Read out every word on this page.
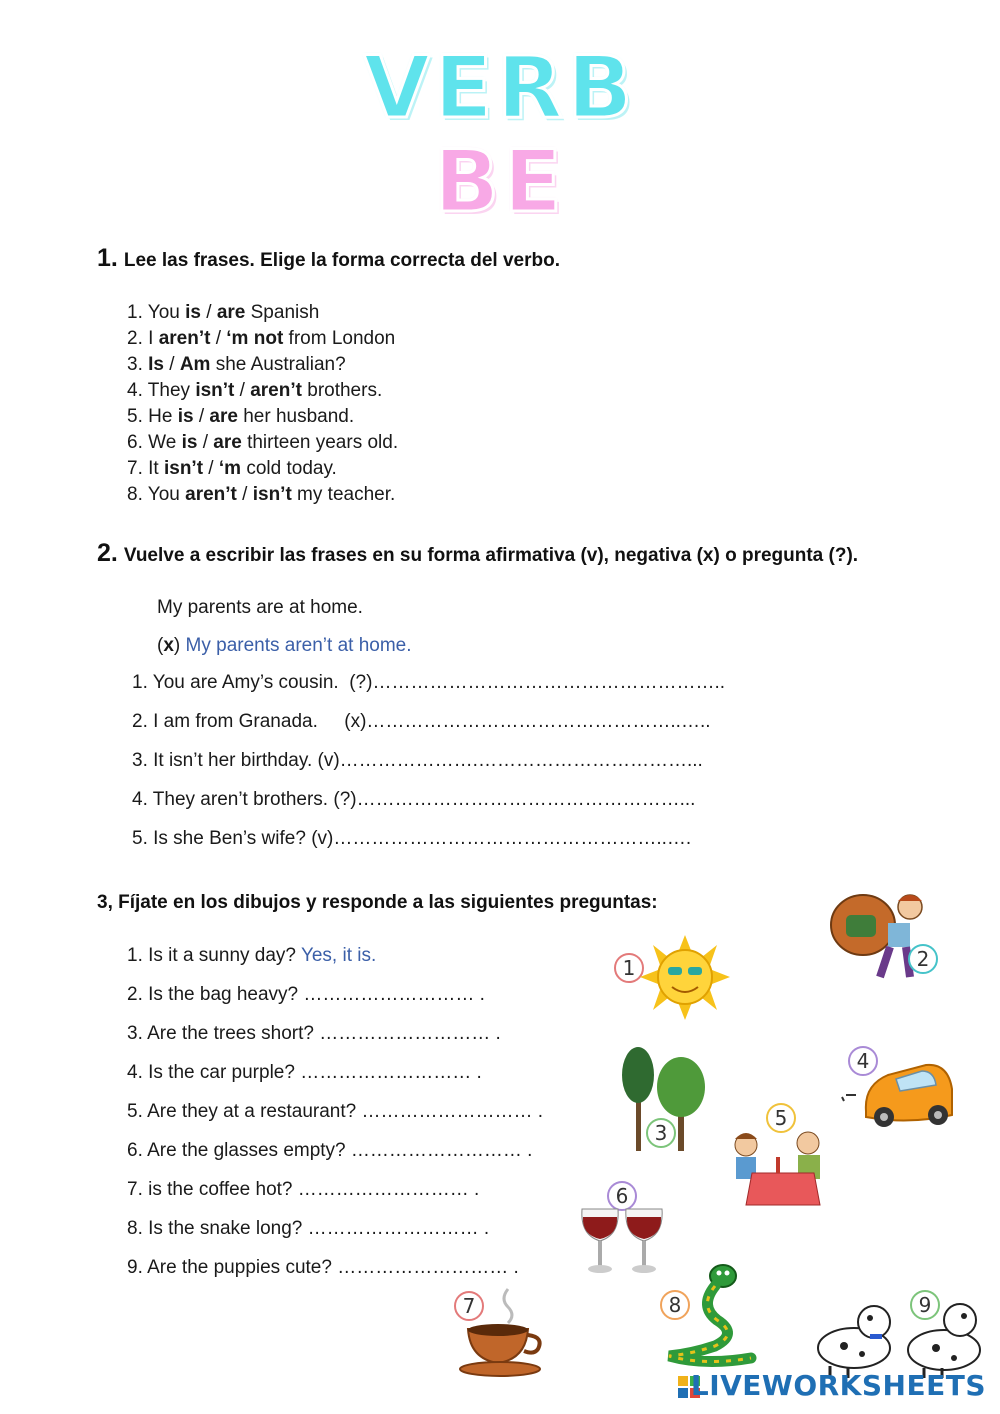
VERB
BE
1. Lee las frases. Elige la forma correcta del verbo.
1. You is / are Spanish
2. I aren’t / ‘m not from London
3. Is / Am she Australian?
4. They isn’t / aren’t brothers.
5. He is / are her husband.
6. We is / are thirteen years old.
7. It isn’t / ‘m cold today.
8. You aren’t / isn’t my teacher.
2. Vuelve a escribir las frases en su forma afirmativa (v), negativa (x) o pregunta (?).
My parents are at home.
(x) My parents aren’t at home.
1. You are Amy’s cousin.  (?)………………………………………………..
2. I am from Granada.     (x)…………………………………………..…..
3. It isn’t her birthday. (v)………………….……………………………...
4. They aren’t brothers. (?)……………………………………………...
5. Is she Ben’s wife? (v)……………………………………………..….
3, Fíjate en los dibujos y responde a las siguientes preguntas:
1. Is it a sunny day? Yes, it is.
2. Is the bag heavy? ……………………… .
3. Are the trees short? ……………………… .
4. Is the car purple? ……………………… .
5. Are they at a restaurant? ……………………… .
6. Are the glasses empty? ……………………… .
7. is the coffee hot? ……………………… .
8. Is the snake long? ……………………… .
9. Are the puppies cute? ……………………… .
1	2
3
4
5
6
7	8	9
LIVEWORKSHEETS
